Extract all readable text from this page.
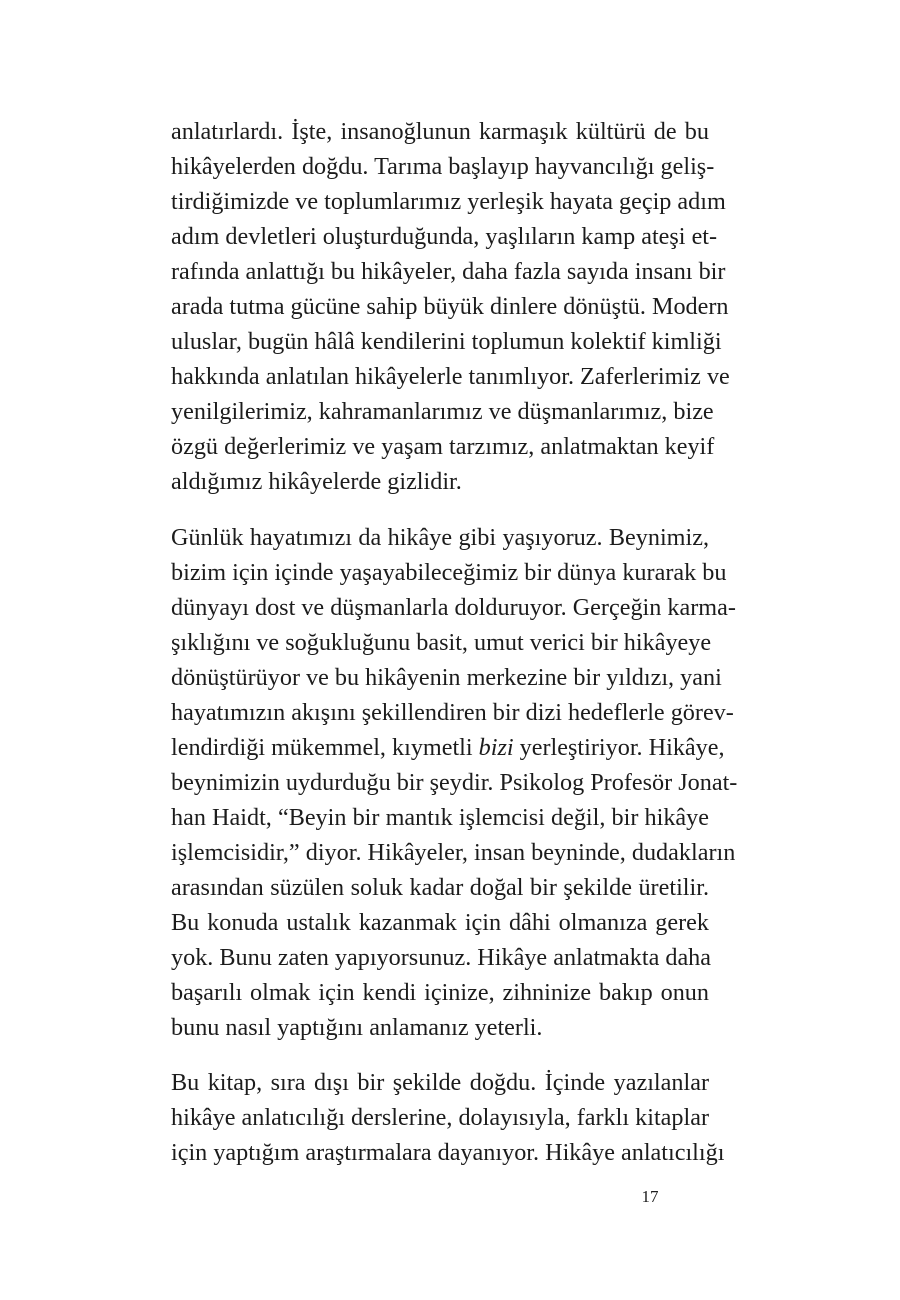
anlatırlardı. İşte, insanoğlunun karmaşık kültürü de bu
hikâyelerden doğdu. Tarıma başlayıp hayvancılığı geliş-
tirdiğimizde ve toplumlarımız yerleşik hayata geçip adım
adım devletleri oluşturduğunda, yaşlıların kamp ateşi et-
rafında anlattığı bu hikâyeler, daha fazla sayıda insanı bir
arada tutma gücüne sahip büyük dinlere dönüştü. Modern
uluslar, bugün hâlâ kendilerini toplumun kolektif kimliği
hakkında anlatılan hikâyelerle tanımlıyor. Zaferlerimiz ve
yenilgilerimiz, kahramanlarımız ve düşmanlarımız, bize
özgü değerlerimiz ve yaşam tarzımız, anlatmaktan keyif
aldığımız hikâyelerde gizlidir.

Günlük hayatımızı da hikâye gibi yaşıyoruz. Beynimiz,
bizim için içinde yaşayabileceğimiz bir dünya kurarak bu
dünyayı dost ve düşmanlarla dolduruyor. Gerçeğin karma-
şıklığını ve soğukluğunu basit, umut verici bir hikâyeye
dönüştürüyor ve bu hikâyenin merkezine bir yıldızı, yani
hayatımızın akışını şekillendiren bir dizi hedeflerle görev-
lendirdiği mükemmel, kıymetli bizi yerleştiriyor. Hikâye,
beynimizin uydurduğu bir şeydir. Psikolog Profesör Jonat-
han Haidt, “Beyin bir mantık işlemcisi değil, bir hikâye
işlemcisidir,” diyor. Hikâyeler, insan beyninde, dudakların
arasından süzülen soluk kadar doğal bir şekilde üretilir.
Bu konuda ustalık kazanmak için dâhi olmanıza gerek
yok. Bunu zaten yapıyorsunuz. Hikâye anlatmakta daha
başarılı olmak için kendi içinize, zihninize bakıp onun
bunu nasıl yaptığını anlamanız yeterli.

Bu kitap, sıra dışı bir şekilde doğdu. İçinde yazılanlar
hikâye anlatıcılığı derslerine, dolayısıyla, farklı kitaplar
için yaptığım araştırmalara dayanıyor. Hikâye anlatıcılığı

17
